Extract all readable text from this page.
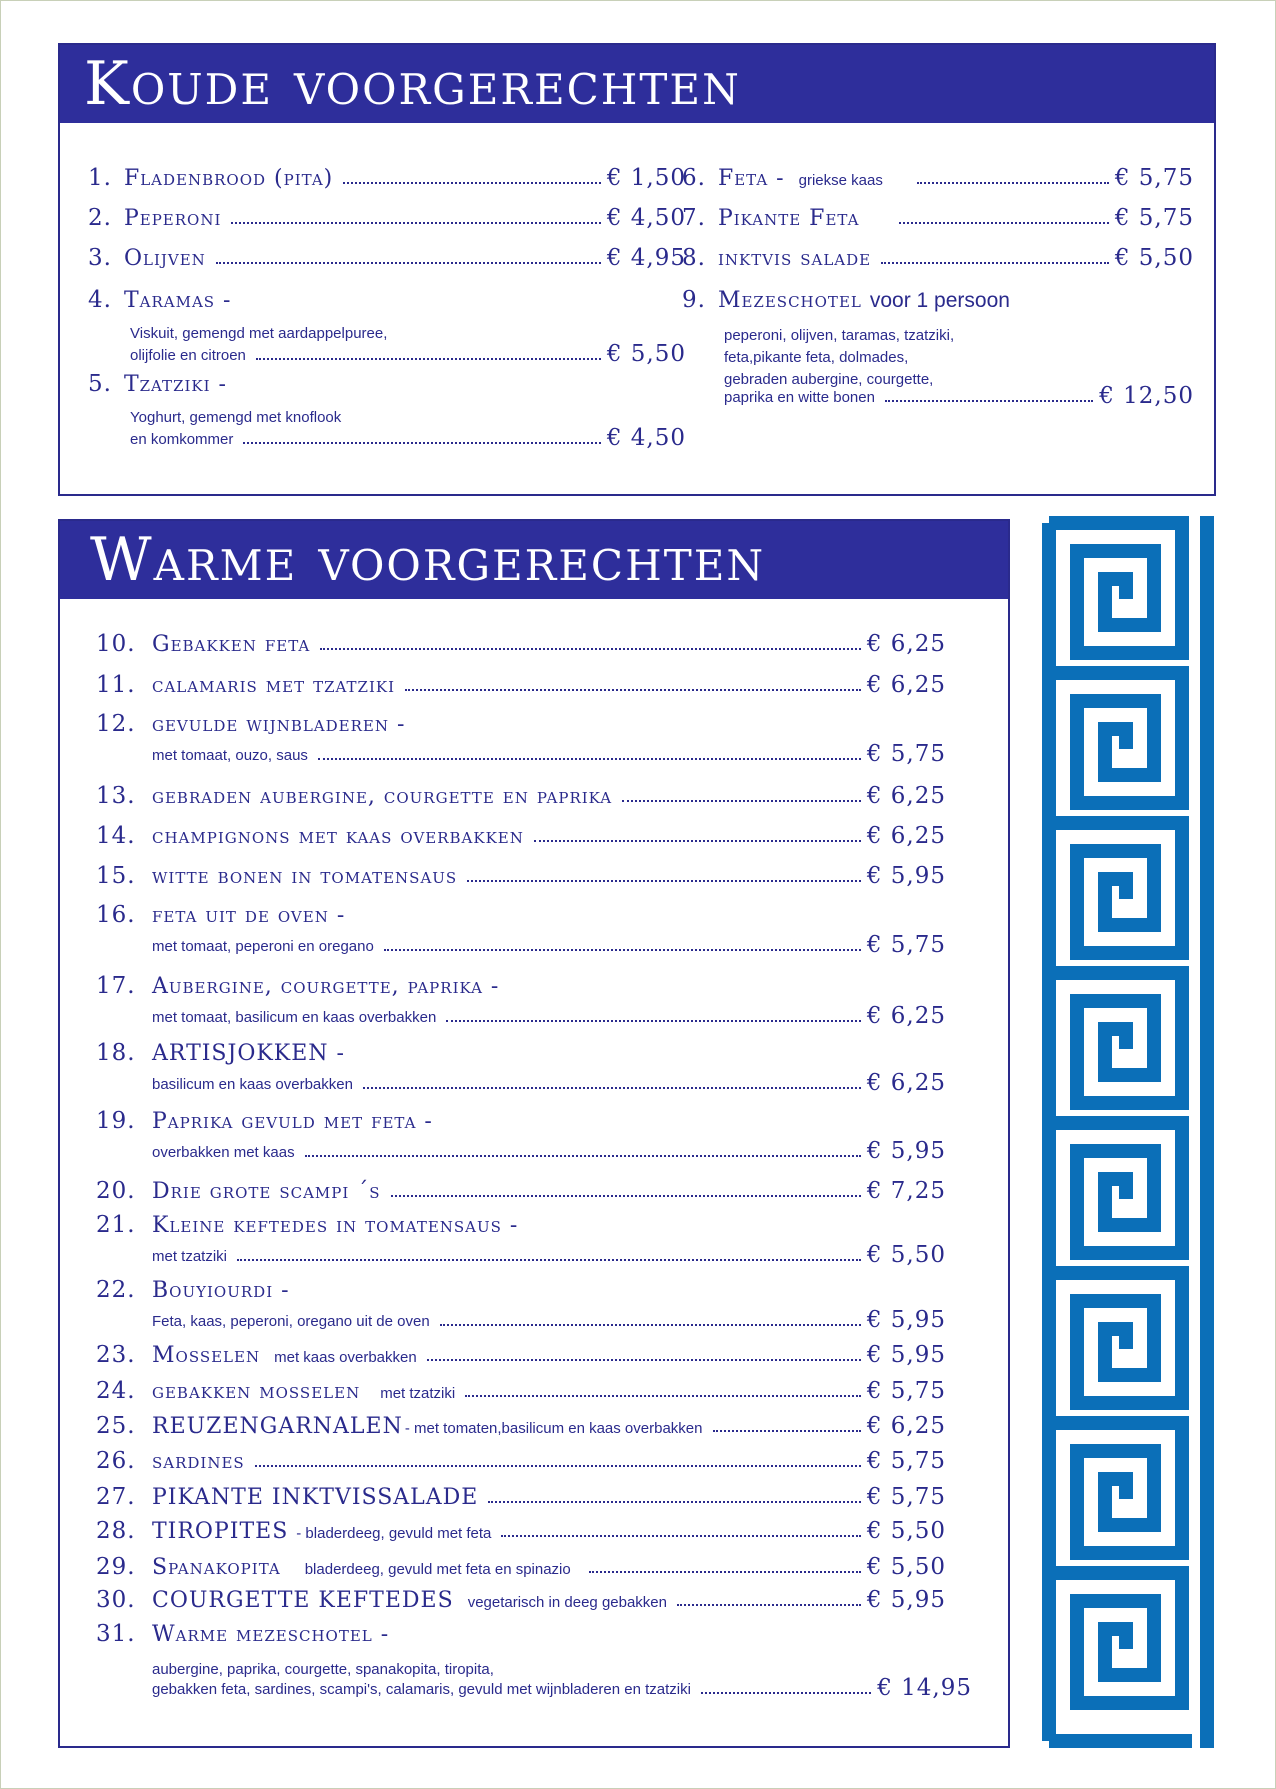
Koude voorgerechten
1. Fladenbrood (pita)	€ 1,50
2. Peperoni	€ 4,50
3. Olijven	€ 4,95
4. Taramas -
Viskuit, gemengd met aardappelpuree,
olijfolie en citroen	€ 5,50
5. Tzatziki -
Yoghurt, gemengd met knoflook
en komkommer	€ 4,50
6. Feta - griekse kaas	€ 5,75
7. Pikante Feta	€ 5,75
8. inktvis salade	€ 5,50
9. Mezeschotel voor 1 persoon
peperoni, olijven, taramas, tzatziki,
feta,pikante feta, dolmades,
gebraden aubergine, courgette,
paprika en witte bonen	€ 12,50
Warme voorgerechten
10. Gebakken feta	€ 6,25
11. calamaris met tzatziki	€ 6,25
12. gevulde wijnbladeren -
met tomaat, ouzo, saus	€ 5,75
13. gebraden aubergine, courgette en paprika	€ 6,25
14. champignons met kaas overbakken	€ 6,25
15. witte bonen in tomatensaus	€ 5,95
16. feta uit de oven -
met tomaat, peperoni en oregano	€ 5,75
17. Aubergine, courgette, paprika -
met tomaat, basilicum en kaas overbakken	€ 6,25
18. ARTISJOKKEN -
basilicum en kaas overbakken	€ 6,25
19. Paprika gevuld met feta -
overbakken met kaas	€ 5,95
20. Drie grote scampi ´s	€ 7,25
21. Kleine keftedes in tomatensaus -
met tzatziki	€ 5,50
22. Bouyiourdi -
Feta, kaas, peperoni, oregano uit de oven	€ 5,95
23. Mosselen met kaas overbakken	€ 5,95
24. gebakken mosselen met tzatziki	€ 5,75
25. REUZENGARNALEN - met tomaten,basilicum en kaas overbakken	€ 6,25
26. sardines	€ 5,75
27. PIKANTE INKTVISSALADE	€ 5,75
28. TIROPITES - bladerdeeg, gevuld met feta	€ 5,50
29. Spanakopita bladerdeeg, gevuld met feta en spinazio	€ 5,50
30. COURGETTE KEFTEDES vegetarisch in deeg gebakken	€ 5,95
31. Warme mezeschotel -
aubergine, paprika, courgette, spanakopita, tiropita,
gebakken feta, sardines, scampi's, calamaris, gevuld met wijnbladeren en tzatziki	€ 14,95
